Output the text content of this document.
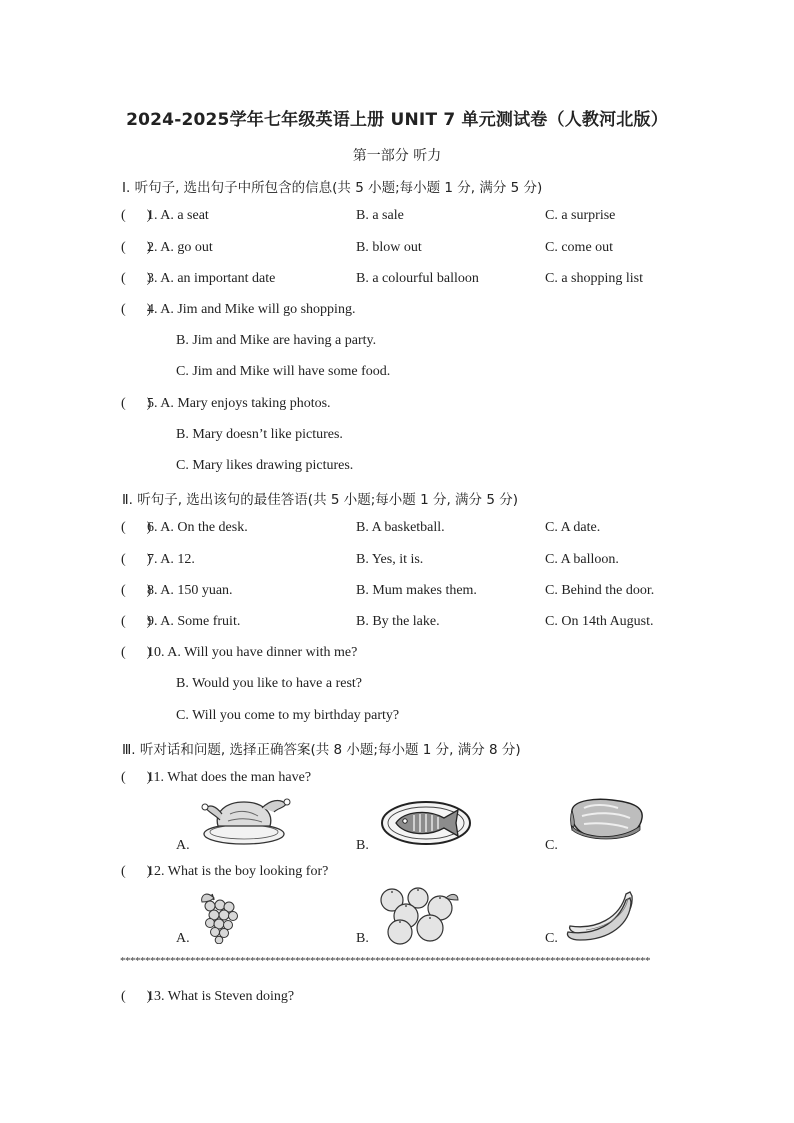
2024-2025学年七年级英语上册 UNIT 7 单元测试卷（人教河北版）
第一部分 听力
Ⅰ. 听句子, 选出句子中所包含的信息(共 5 小题;每小题 1 分, 满分 5 分)
(      )
1. A. a seat	B. a sale	C. a surprise
(      )
2. A. go out	B. blow out	C. come out
(      )
3. A. an important date	B. a colourful balloon	C. a shopping list
(      )
4. A. Jim and Mike will go shopping.
B. Jim and Mike are having a party.
C. Jim and Mike will have some food.
(      )
5. A. Mary enjoys taking photos.
B. Mary doesn’t like pictures.
C. Mary likes drawing pictures.
Ⅱ. 听句子, 选出该句的最佳答语(共 5 小题;每小题 1 分, 满分 5 分)
(      )
6. A. On the desk.	B. A basketball.	C. A date.
(      )
7. A. 12.	B. Yes, it is.	C. A balloon.
(      )
8. A. 150 yuan.	B. Mum makes them.	C. Behind the door.
(      )
9. A. Some fruit.	B. By the lake.	C. On 14th August.
(      )
10. A. Will you have dinner with me?
B. Would you like to have a rest?
C. Will you come to my birthday party?
Ⅲ. 听对话和问题, 选择正确答案(共 8 小题;每小题 1 分, 满分 8 分)
(      )
11. What does the man have?
A.	B.	C.
(      )
12. What is the boy looking for?
A.	B.	C.
**********************************************************************************************************
(      )
13. What is Steven doing?
